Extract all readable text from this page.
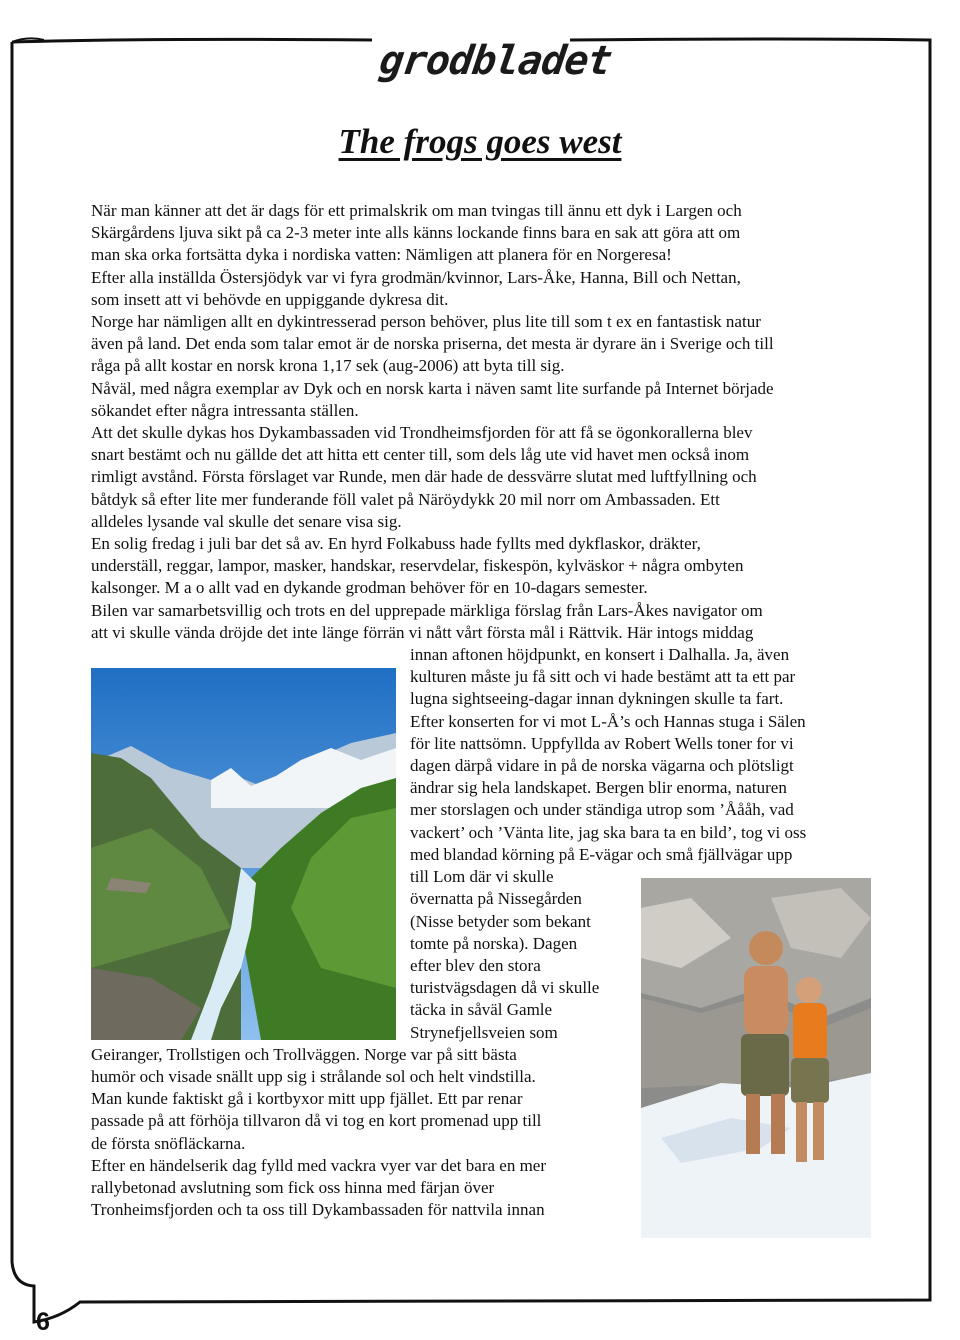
grodbladet
The frogs goes west

När man känner att det är dags för ett primalskrik om man tvingas till ännu ett dyk i Largen och
Skärgårdens ljuva sikt på ca 2-3 meter inte alls känns lockande finns bara en sak att göra att om
man ska orka fortsätta dyka i nordiska vatten: Nämligen att planera för en Norgeresa!

Efter alla inställda Östersjödyk var vi fyra grodmän/kvinnor, Lars-Åke, Hanna, Bill och Nettan,
som insett att vi behövde en uppiggande dykresa dit.

Norge har nämligen allt en dykintresserad person behöver, plus lite till som t ex en fantastisk natur
även på land. Det enda som talar emot är de norska priserna, det mesta är dyrare än i Sverige och till
råga på allt kostar en norsk krona 1,17 sek (aug-2006) att byta till sig.

Nåväl, med några exemplar av Dyk och en norsk karta i näven samt lite surfande på Internet började
sökandet efter några intressanta ställen.

Att det skulle dykas hos Dykambassaden vid Trondheimsfjorden för att få se ögonkorallerna blev
snart bestämt och nu gällde det att hitta ett center till, som dels låg ute vid havet men också inom
rimligt avstånd. Första förslaget var Runde, men där hade de dessvärre slutat med luftfyllning och
båtdyk så efter lite mer funderande föll valet på Näröydykk 20 mil norr om Ambassaden. Ett
alldeles lysande val skulle det senare visa sig.

En solig fredag i juli bar det så av. En hyrd Folkabuss hade fyllts med dykflaskor, dräkter,
underställ, reggar, lampor, masker, handskar, reservdelar, fiskespön, kylväskor + några ombyten
kalsonger. M a o allt vad en dykande grodman behöver för en 10-dagars semester.

Bilen var samarbetsvillig och trots en del upprepade märkliga förslag från Lars-Åkes navigator om
att vi skulle vända dröjde det inte länge förrän vi nått vårt första mål i Rättvik. Här intogs middag

innan aftonen höjdpunkt, en konsert i Dalhalla. Ja, även
kulturen måste ju få sitt och vi hade bestämt att ta ett par
lugna sightseeing-dagar innan dykningen skulle ta fart.
Efter konserten for vi mot L-Å’s och Hannas stuga i Sälen
för lite nattsömn. Uppfyllda av Robert Wells toner for vi
dagen därpå vidare in på de norska vägarna och plötsligt
ändrar sig hela landskapet. Bergen blir enorma, naturen
mer storslagen och under ständiga utrop som ’Åååh, vad
vackert’ och ’Vänta lite, jag ska bara ta en bild’, tog vi oss
med blandad körning på E-vägar och små fjällvägar upp
till Lom där vi skulle
övernatta på Nissegården
(Nisse betyder som bekant
tomte på norska). Dagen
efter blev den stora
turistvägsdagen då vi skulle
täcka in såväl Gamle
Strynefjellsveien som
Geiranger, Trollstigen och Trollväggen. Norge var på sitt bästa
humör och visade snällt upp sig i strålande sol och helt vindstilla.
Man kunde faktiskt gå i kortbyxor mitt upp fjället. Ett par renar
passade på att förhöja tillvaron då vi tog en kort promenad upp till
de första snöfläckarna.
Efter en händelserik dag fylld med vackra vyer var det bara en mer
rallybetonad avslutning som fick oss hinna med färjan över
Tronheimsfjorden och ta oss till Dykambassaden för nattvila innan
6
